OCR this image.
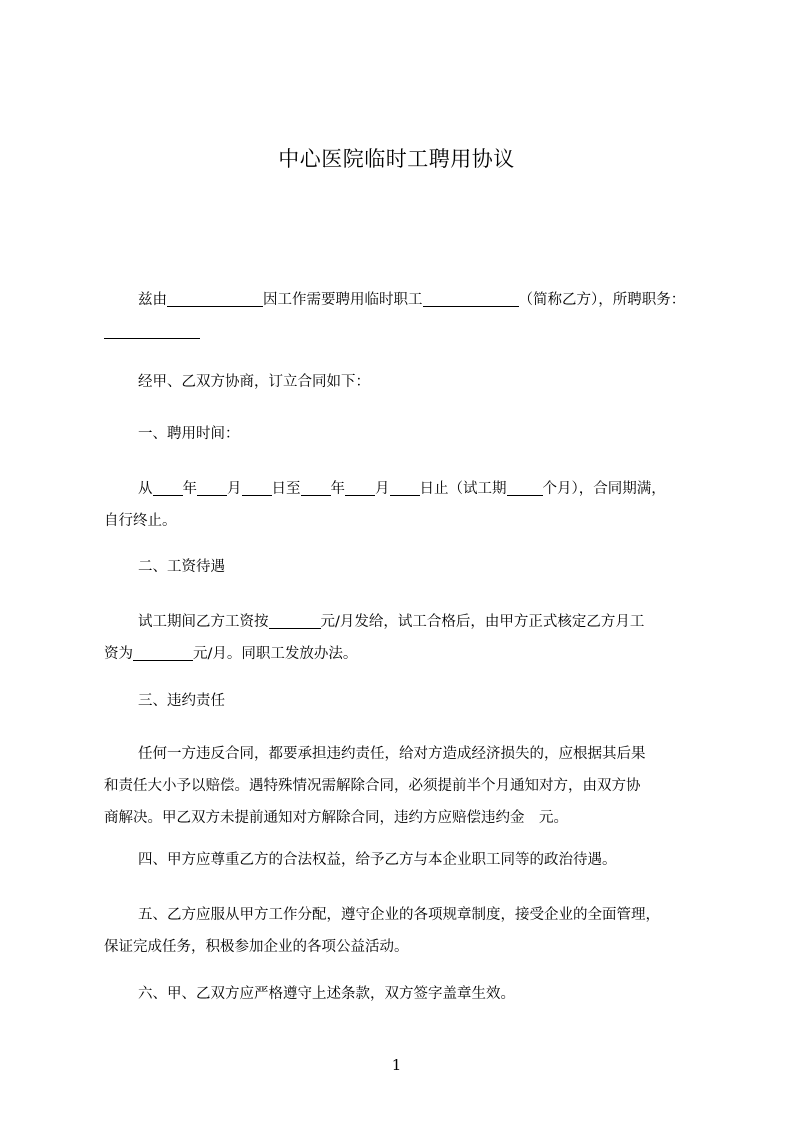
中心医院临时工聘用协议
兹由	因工作需要聘用临时职工	（简称乙方），所聘职务：

经甲、乙双方协商，订立合同如下：
一、聘用时间：
从 年 月 日至 年 月 日止（试工期 个月），合同期满，
自行终止。
二、工资待遇
试工期间乙方工资按	元/月发给，试工合格后，由甲方正式核定乙方月工
资为	元/月。同职工发放办法。
三、违约责任
任何一方违反合同，都要承担违约责任，给对方造成经济损失的，应根据其后果
和责任大小予以赔偿。遇特殊情况需解除合同，必须提前半个月通知对方，由双方协
商解决。甲乙双方未提前通知对方解除合同，违约方应赔偿违约金　元。
四、甲方应尊重乙方的合法权益，给予乙方与本企业职工同等的政治待遇。
五、乙方应服从甲方工作分配，遵守企业的各项规章制度，接受企业的全面管理，
保证完成任务，积极参加企业的各项公益活动。
六、甲、乙双方应严格遵守上述条款，双方签字盖章生效。
1
